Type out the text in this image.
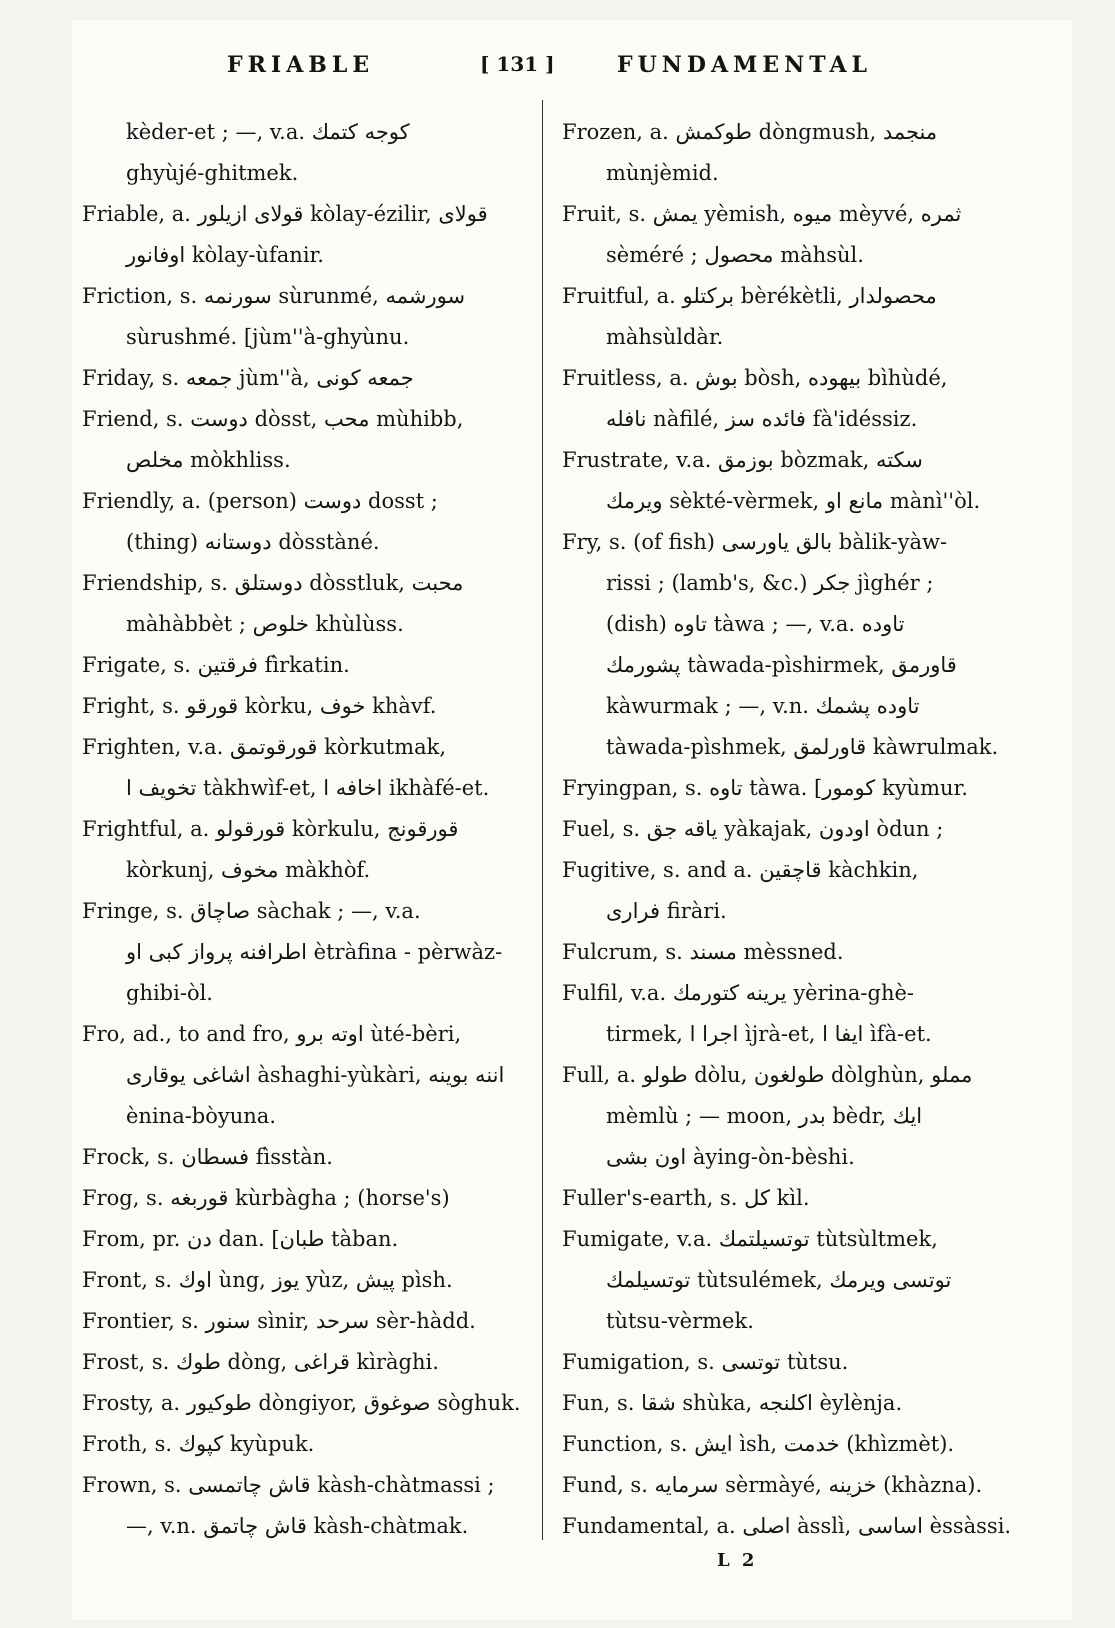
FRIABLE	[ 131 ]	FUNDAMENTAL
kèder-et ; —, v.a. كوجه كتمك
ghyùjé-ghitmek.
Friable, a. قولای ازيلور kòlay-ézilir, قولای
اوفانور kòlay-ùfanir.
Friction, s. سورنمه sùrunmé, سورشمه
sùrushmé. [jùm''à-ghyùnu.
Friday, s. جمعه jùm''à, جمعه كونى
Friend, s. دوست dòsst, محب mùhibb,
مخلص mòkhliss.
Friendly, a. (person) دوست dosst ;
(thing) دوستانه dòsstàné.
Friendship, s. دوستلق dòsstluk, محبت
màhàbbèt ; خلوص khùlùss.
Frigate, s. فرقتين fìrkatin.
Fright, s. قورقو kòrku, خوف khàvf.
Frighten, v.a. قورقوتمق kòrkutmak,
تخويف ا tàkhwìf-et, اخافه ا ikhàfé-et.
Frightful, a. قورقولو kòrkulu, قورقونج
kòrkunj, مخوف màkhòf.
Fringe, s. صاچاق sàchak ; —, v.a.
اطرافنه پرواز كبى او ètràfina - pèrwàz-
ghibi-òl.
Fro, ad., to and fro, اوته برو ùté-bèri,
اشاغى يوقارى àshaghi-yùkàri, اننه بوينه
ènina-bòyuna.
Frock, s. فسطان fìsstàn.
Frog, s. قوربغه kùrbàgha ; (horse's)
From, pr. دن dan. [طبان tàban.
Front, s. اوك ùng, يوز yùz, پيش pìsh.
Frontier, s. سنور sìnir, سرحد sèr-hàdd.
Frost, s. طوك dòng, قراغى kìràghi.
Frosty, a. طوكيور dòngiyor, صوغوق sòghuk.
Froth, s. كپوك kyùpuk.
Frown, s. قاش چاتمسى kàsh-chàtmassi ;
—, v.n. قاش چاتمق kàsh-chàtmak.
Frozen, a. طوكمش dòngmush, منجمد
mùnjèmid.
Fruit, s. يمش yèmish, ميوه mèyvé, ثمره
sèméré ; محصول màhsùl.
Fruitful, a. بركتلو bèrékètli, محصولدار
màhsùldàr.
Fruitless, a. بوش bòsh, بيهوده bìhùdé,
نافله nàfilé, فائده سز fà'idéssiz.
Frustrate, v.a. بوزمق bòzmak, سكته
ويرمك sèkté-vèrmek, مانع او mànì''òl.
Fry, s. (of fish) بالق ياورسى bàlik-yàw-
rissi ; (lamb's, &c.) جكر jìghér ;
(dish) تاوه tàwa ; —, v.a. تاوده
پشورمك tàwada-pìshirmek, قاورمق
kàwurmak ; —, v.n. تاوده پشمك
tàwada-pìshmek, قاورلمق kàwrulmak.
Fryingpan, s. تاوه tàwa. [كومور kyùmur.
Fuel, s. ياقه جق yàkajak, اودون òdun ;
Fugitive, s. and a. قاچقين kàchkin,
فرارى firàri.
Fulcrum, s. مسند mèssned.
Fulfil, v.a. يرينه كتورمك yèrina-ghè-
tirmek, اجرا ا ìjrà-et, ايفا ا ìfà-et.
Full, a. طولو dòlu, طولغون dòlghùn, مملو
mèmlù ; — moon, بدر bèdr, ايك
اون بشى àying-òn-bèshi.
Fuller's-earth, s. كل kìl.
Fumigate, v.a. توتسيلتمك tùtsùltmek,
توتسيلمك tùtsulémek, توتسى ويرمك
tùtsu-vèrmek.
Fumigation, s. توتسى tùtsu.
Fun, s. شقا shùka, اكلنجه èylènja.
Function, s. ايش ìsh, خدمت (khìzmèt).
Fund, s. سرمايه sèrmàyé, خزينه (khàzna).
Fundamental, a. اصلى àsslì, اساسى èssàssi.
L 2
